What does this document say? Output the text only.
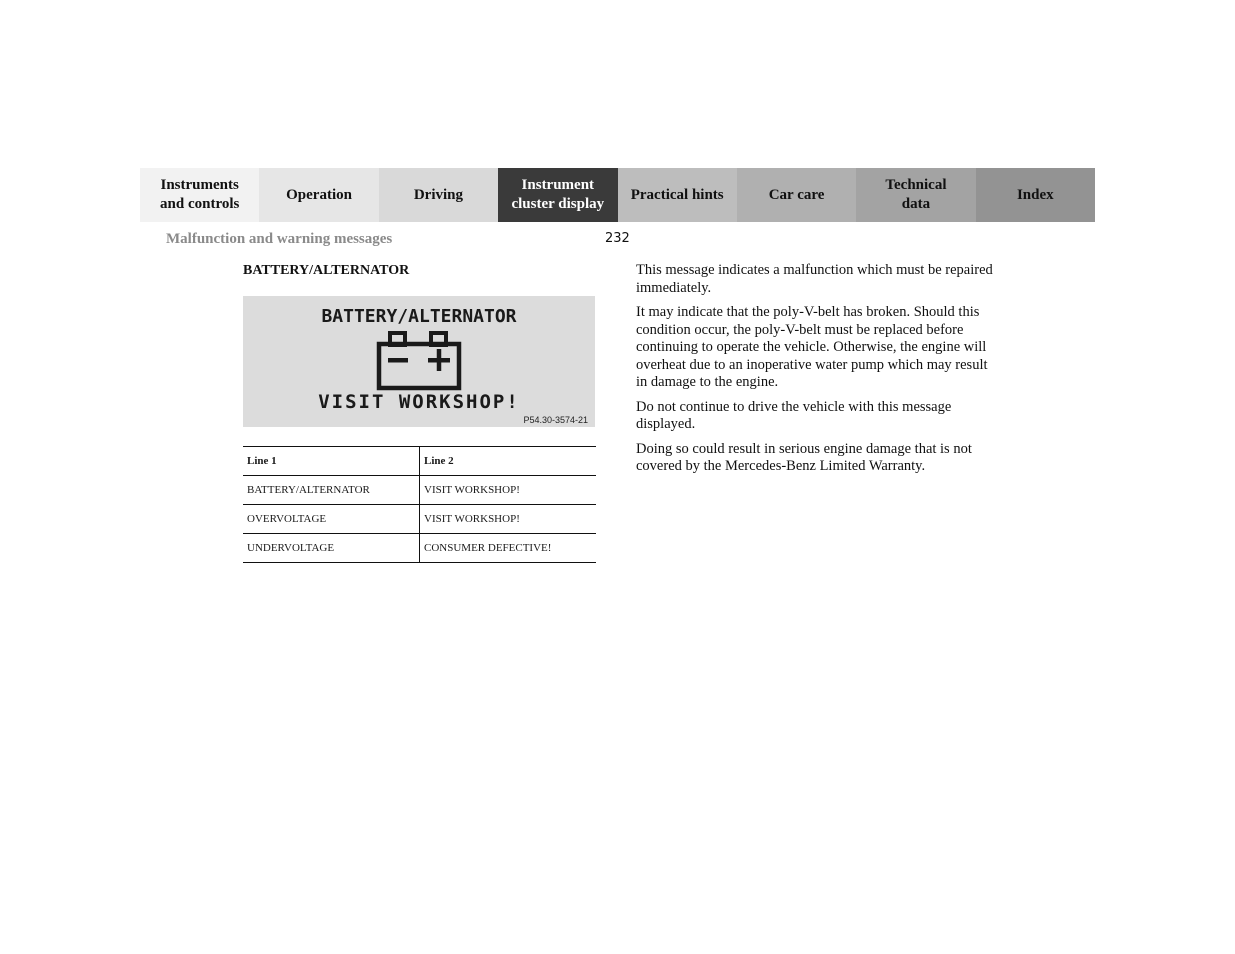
Instruments
and controls
Operation	Driving
Instrument
cluster display
Practical hints	Car care
Technical
data
Index
Malfunction and warning messages	232
BATTERY/ALTERNATOR
BATTERY/ALTERNATOR
VISIT WORKSHOP!
P54.30-3574-21
Line 1	Line 2
BATTERY/ALTERNATOR	VISIT WORKSHOP!
OVERVOLTAGE	VISIT WORKSHOP!
UNDERVOLTAGE	CONSUMER DEFECTIVE!

This message indicates a malfunction which must be repaired immediately.

It may indicate that the poly-V-belt has broken. Should this condition occur, the poly-V-belt must be replaced before continuing to operate the vehicle. Otherwise, the engine will overheat due to an inoperative water pump which may result in damage to the engine.

Do not continue to drive the vehicle with this message displayed.

Doing so could result in serious engine damage that is not covered by the Mercedes-Benz Limited Warranty.
